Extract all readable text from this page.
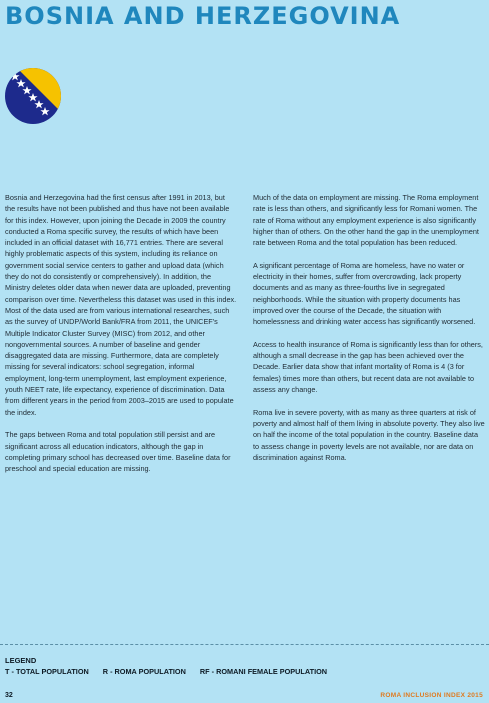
BOSNIA AND HERZEGOVINA

Bosnia and Herzegovina had the first census after 1991 in 2013, but the results have not been published and thus have not been available for this index. However, upon joining the Decade in 2009 the country conducted a Roma specific survey, the results of which have been included in an official dataset with 16,771 entries. There are several highly problematic aspects of this system, including its reliance on government social service centers to gather and upload data (which they do not do consistently or comprehensively). In addition, the Ministry deletes older data when newer data are uploaded, preventing comparison over time. Nevertheless this dataset was used in this index. Most of the data used are from various international researches, such as the survey of UNDP/World Bank/FRA from 2011, the UNICEF's Multiple Indicator Cluster Survey (MISC) from 2012, and other nongovernmental sources. A number of baseline and gender disaggregated data are missing. Furthermore, data are completely missing for several indicators: school segregation, informal employment, long-term unemployment, last employment experience, youth NEET rate, life expectancy, experience of discrimination. Data from different years in the period from 2003–2015 are used to populate the index.

The gaps between Roma and total population still persist and are significant across all education indicators, although the gap in completing primary school has decreased over time. Baseline data for preschool and special education are missing.

Much of the data on employment are missing. The Roma employment rate is less than others, and significantly less for Romani women. The rate of Roma without any employment experience is also significantly higher than of others. On the other hand the gap in the unemployment rate between Roma and the total population has been reduced.

A significant percentage of Roma are homeless, have no water or electricity in their homes, suffer from overcrowding, lack property documents and as many as three-fourths live in segregated neighborhoods. While the situation with property documents has improved over the course of the Decade, the situation with homelessness and drinking water access has significantly worsened.

Access to health insurance of Roma is significantly less than for others, although a small decrease in the gap has been achieved over the Decade. Earlier data show that infant mortality of Roma is 4 (3 for females) times more than others, but recent data are not available to assess any change.

Roma live in severe poverty, with as many as three quarters at risk of poverty and almost half of them living in absolute poverty. They also live on half the income of the total population in the country. Baseline data to assess change in poverty levels are not available, nor are data on discrimination against Roma.

LEGEND
T - TOTAL POPULATION R - ROMA POPULATION RF - ROMANI FEMALE POPULATION
32	ROMA INCLUSION INDEX 2015
